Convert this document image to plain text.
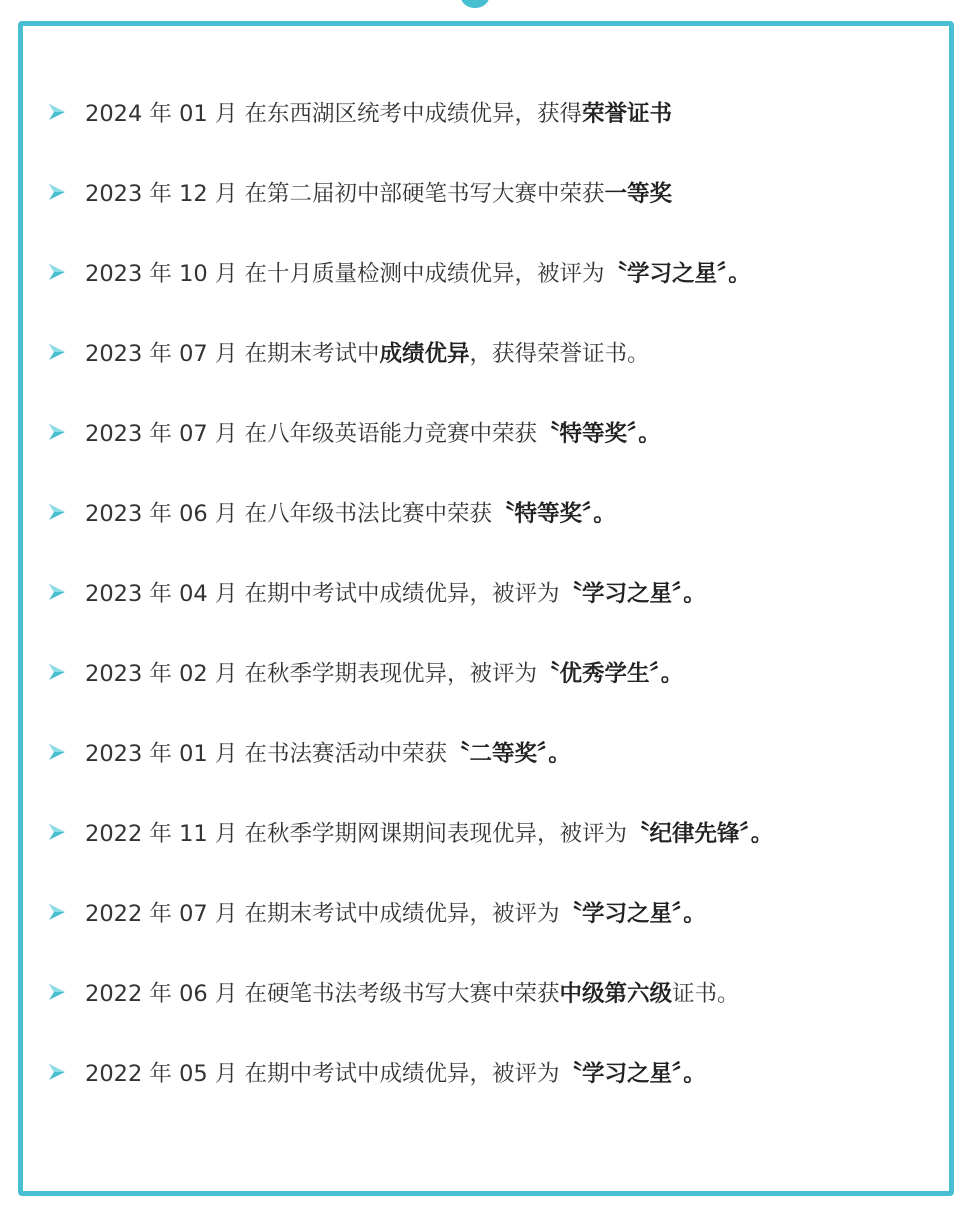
2024 年 01 月 在东西湖区统考中成绩优异，获得 荣誉证书
2023 年 12 月 在第二届初中部硬笔书写大赛中荣获 一等奖
2023 年 10 月 在十月质量检测中成绩优异，被评为 〝学习之星〞。
2023 年 07 月 在期末考试中 成绩优异 ，获得荣誉证书。
2023 年 07 月 在八年级英语能力竞赛中荣获 〝特等奖〞。
2023 年 06 月 在八年级书法比赛中荣获 〝特等奖〞。
2023 年 04 月 在期中考试中成绩优异，被评为 〝学习之星〞。
2023 年 02 月 在秋季学期表现优异，被评为 〝优秀学生〞。
2023 年 01 月 在书法赛活动中荣获 〝二等奖〞。
2022 年 11 月 在秋季学期网课期间表现优异，被评为 〝纪律先锋〞。
2022 年 07 月 在期末考试中成绩优异，被评为 〝学习之星〞。
2022 年 06 月 在硬笔书法考级书写大赛中荣获 中级第六级 证书。
2022 年 05 月 在期中考试中成绩优异，被评为 〝学习之星〞。
